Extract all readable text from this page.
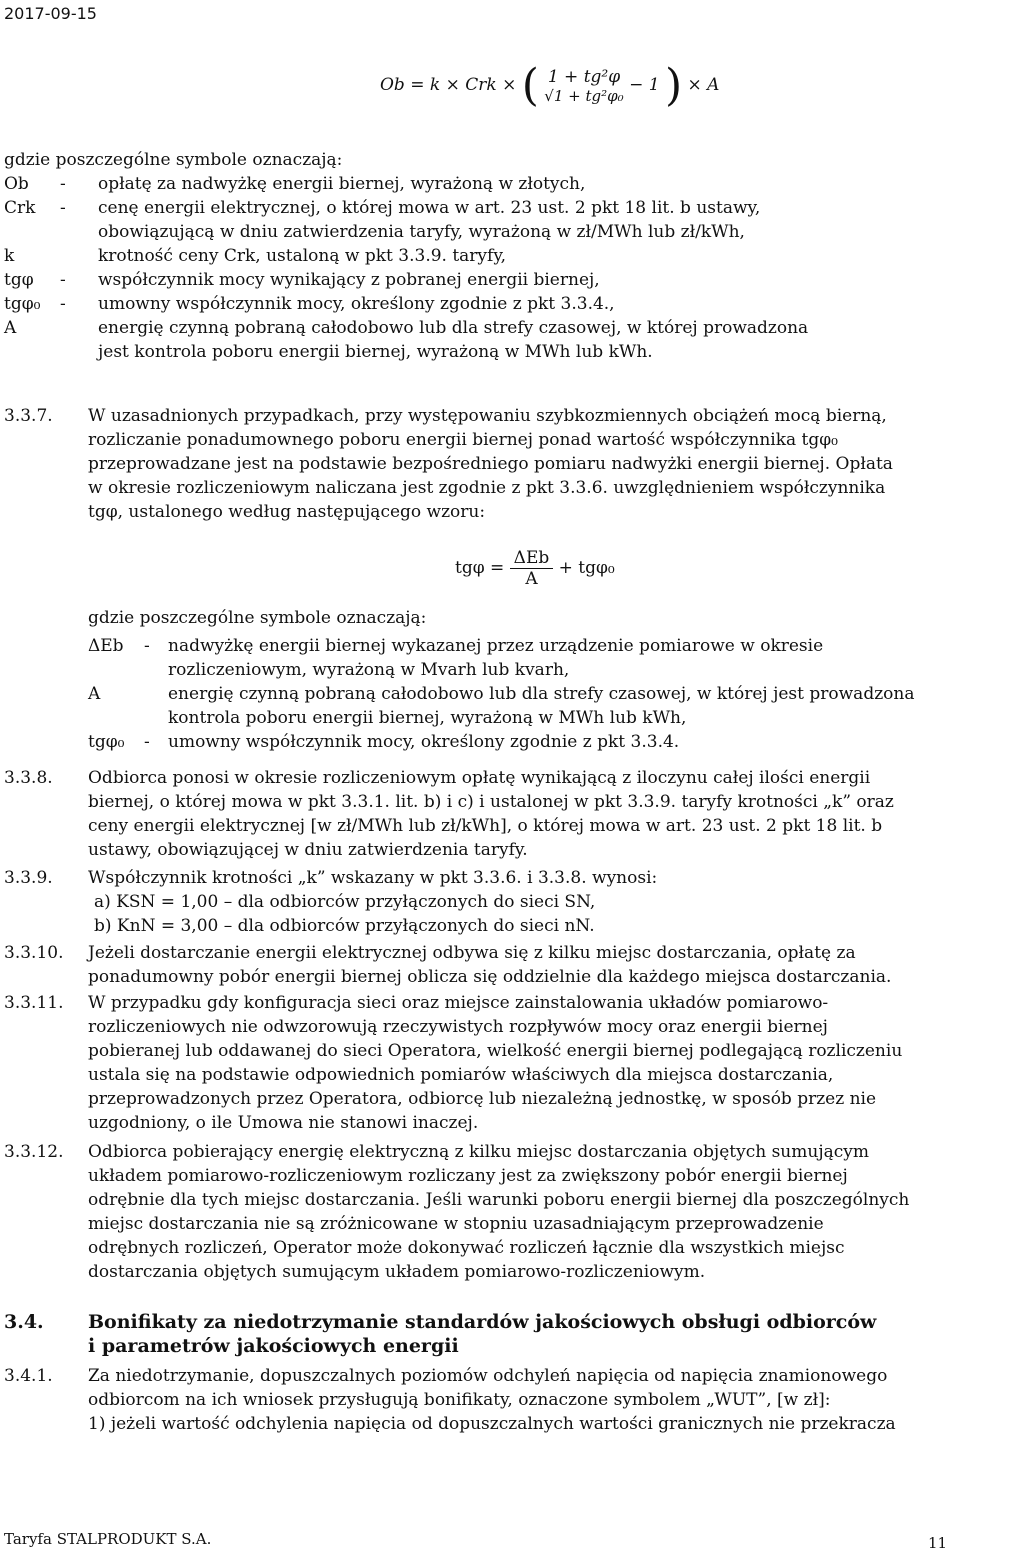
2017-09-15
Ob = k × Crk × ( 1 + tg²φ
√1 + tg²φ₀
− 1 ) × A
gdzie poszczególne symbole oznaczają:
Ob	-	opłatę za nadwyżkę energii biernej, wyrażoną w złotych,
Crk	-	cenę energii elektrycznej, o której mowa w art. 23 ust. 2 pkt 18 lit. b ustawy,
obowiązującą w dniu zatwierdzenia taryfy, wyrażoną w zł/MWh lub zł/kWh,
k	krotność ceny Crk, ustaloną w pkt 3.3.9. taryfy,
tgφ	-	współczynnik mocy wynikający z pobranej energii biernej,
tgφ₀	-	umowny współczynnik mocy, określony zgodnie z pkt 3.3.4.,
A	energię czynną pobraną całodobowo lub dla strefy czasowej, w której prowadzona
jest kontrola poboru energii biernej, wyrażoną w MWh lub kWh.
3.3.7.	W uzasadnionych przypadkach, przy występowaniu szybkozmiennych obciążeń mocą bierną,
rozliczanie ponadumownego poboru energii biernej ponad wartość współczynnika tgφ₀
przeprowadzane jest na podstawie bezpośredniego pomiaru nadwyżki energii biernej. Opłata
w okresie rozliczeniowym naliczana jest zgodnie z pkt 3.3.6. uwzględnieniem współczynnika
tgφ, ustalonego według następującego wzoru:
$tg\varphi = \frac{\text{ΔEb}}{A} + tg\varphi_0$
gdzie poszczególne symbole oznaczają:
ΔEb	-	nadwyżkę energii biernej wykazanej przez urządzenie pomiarowe w okresie
rozliczeniowym, wyrażoną w Mvarh lub kvarh,
A	energię czynną pobraną całodobowo lub dla strefy czasowej, w której jest prowadzona
kontrola poboru energii biernej, wyrażoną w MWh lub kWh,
tgφ₀	-	umowny współczynnik mocy, określony zgodnie z pkt 3.3.4.
3.3.8.	Odbiorca ponosi w okresie rozliczeniowym opłatę wynikającą z iloczynu całej ilości energii
biernej, o której mowa w pkt 3.3.1. lit. b) i c) i ustalonej w pkt 3.3.9. taryfy krotności „k” oraz
ceny energii elektrycznej [w zł/MWh lub zł/kWh], o której mowa w art. 23 ust. 2 pkt 18 lit. b
ustawy, obowiązującej w dniu zatwierdzenia taryfy.
3.3.9.	Współczynnik krotności „k” wskazany w pkt 3.3.6. i 3.3.8. wynosi:
a) KSN = 1,00 – dla odbiorców przyłączonych do sieci SN,
b) KnN = 3,00 – dla odbiorców przyłączonych do sieci nN.
3.3.10.	Jeżeli dostarczanie energii elektrycznej odbywa się z kilku miejsc dostarczania, opłatę za
ponadumowny pobór energii biernej oblicza się oddzielnie dla każdego miejsca dostarczania.
3.3.11.	W przypadku gdy konfiguracja sieci oraz miejsce zainstalowania układów pomiarowo-
rozliczeniowych nie odwzorowują rzeczywistych rozpływów mocy oraz energii biernej
pobieranej lub oddawanej do sieci Operatora, wielkość energii biernej podlegającą rozliczeniu
ustala się na podstawie odpowiednich pomiarów właściwych dla miejsca dostarczania,
przeprowadzonych przez Operatora, odbiorcę lub niezależną jednostkę, w sposób przez nie
uzgodniony, o ile Umowa nie stanowi inaczej.
3.3.12.	Odbiorca pobierający energię elektryczną z kilku miejsc dostarczania objętych sumującym
układem pomiarowo-rozliczeniowym rozliczany jest za zwiększony pobór energii biernej
odrębnie dla tych miejsc dostarczania. Jeśli warunki poboru energii biernej dla poszczególnych
miejsc dostarczania nie są zróżnicowane w stopniu uzasadniającym przeprowadzenie
odrębnych rozliczeń, Operator może dokonywać rozliczeń łącznie dla wszystkich miejsc
dostarczania objętych sumującym układem pomiarowo-rozliczeniowym.
3.4. Bonifikaty za niedotrzymanie standardów jakościowych obsługi odbiorców
i parametrów jakościowych energii
3.4.1.	Za niedotrzymanie, dopuszczalnych poziomów odchyleń napięcia od napięcia znamionowego
odbiorcom na ich wniosek przysługują bonifikaty, oznaczone symbolem „WUT”, [w zł]:
1) jeżeli wartość odchylenia napięcia od dopuszczalnych wartości granicznych nie przekracza
Taryfa STALPRODUKT S.A.	11
